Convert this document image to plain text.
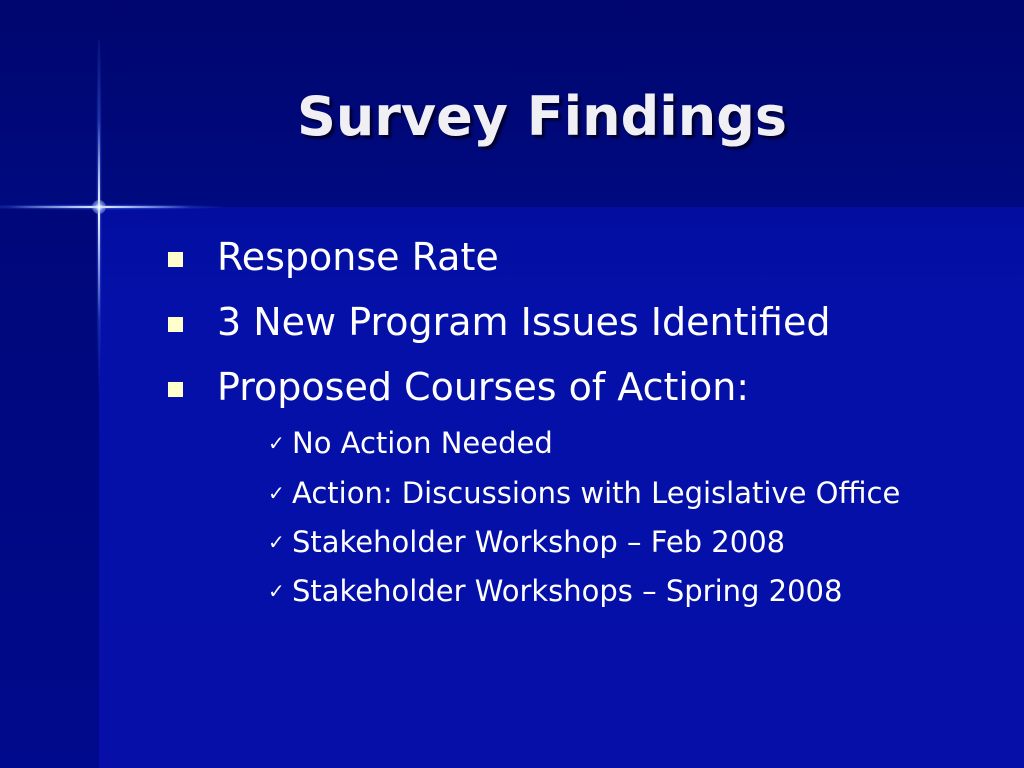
Survey Findings
Response Rate
3 New Program Issues Identified
Proposed Courses of Action:
✓ No Action Needed
✓ Action: Discussions with Legislative Office
✓ Stakeholder Workshop – Feb 2008
✓ Stakeholder Workshops – Spring 2008
